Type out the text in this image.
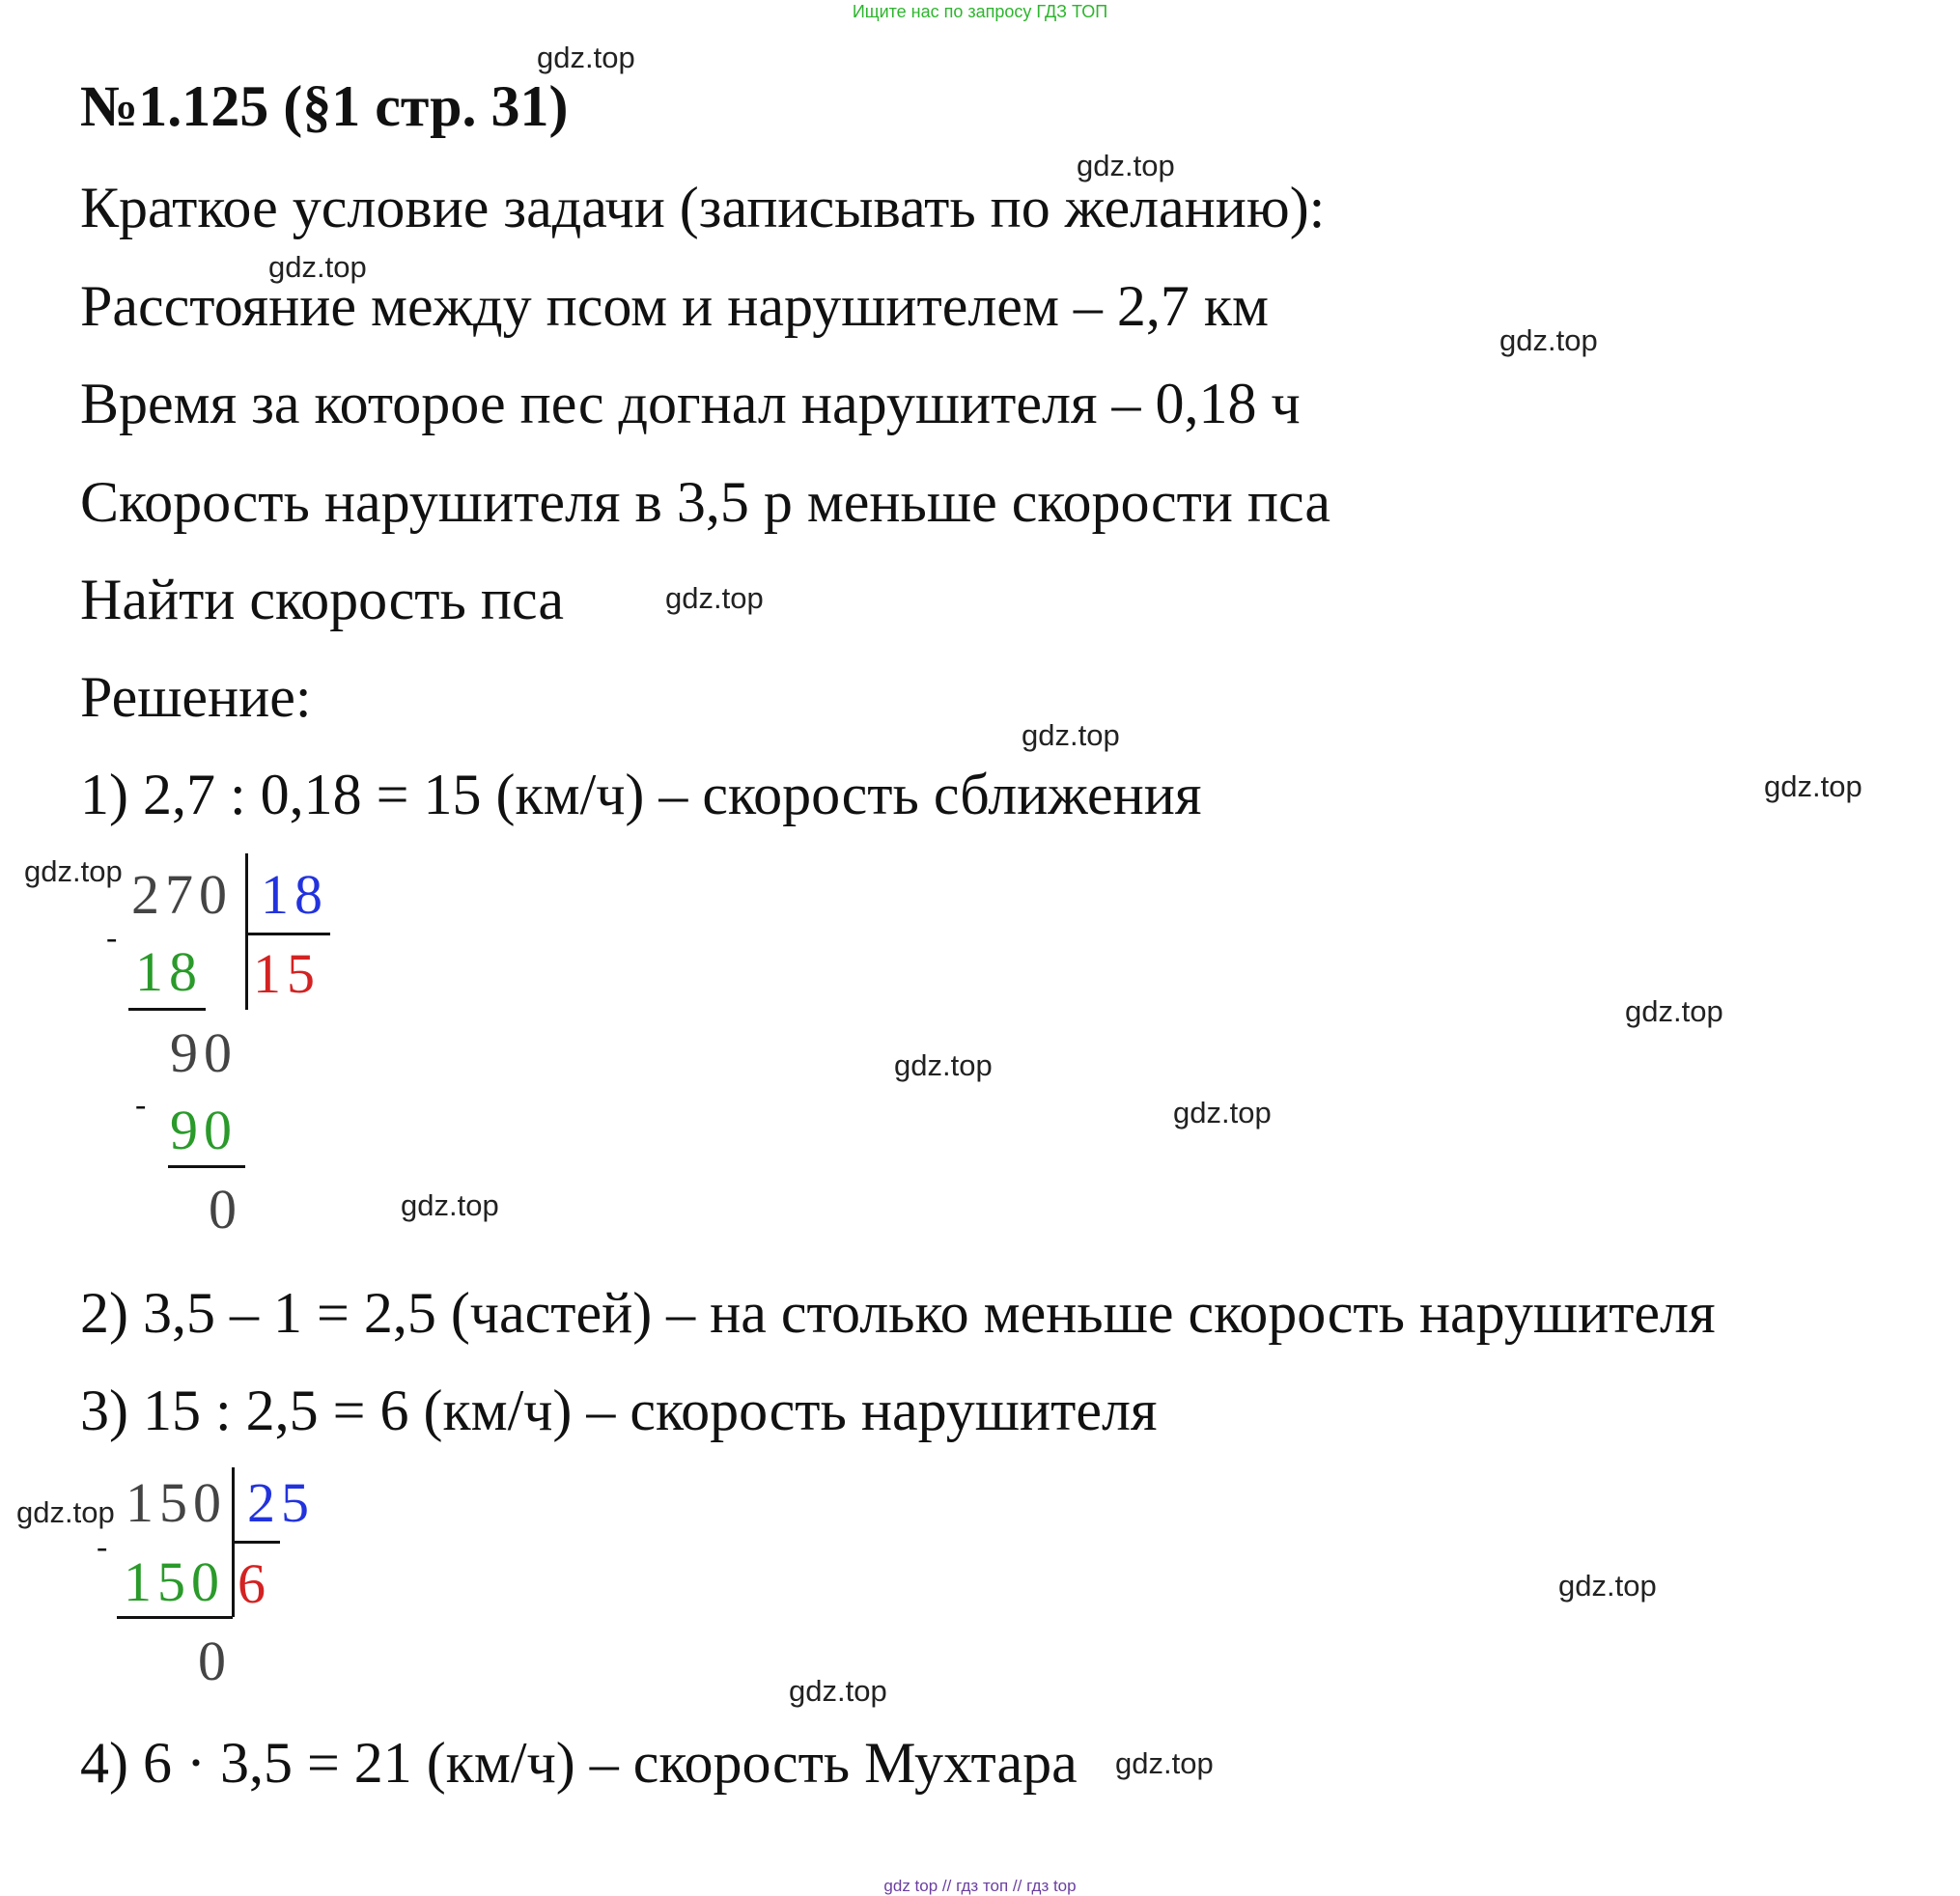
Ищите нас по запросу ГДЗ ТОП
№1.125 (§1 стр. 31)
Краткое условие задачи (записывать по желанию):
Расстояние между псом и нарушителем – 2,7 км
Время за которое пес догнал нарушителя – 0,18 ч
Скорость нарушителя в 3,5 р меньше скорости пса
Найти скорость пса
Решение:
1) 2,7 : 0,18 = 15 (км/ч) – скорость сближения
270 18
-
18 15
90
- 90
0
2) 3,5 – 1 = 2,5 (частей) – на столько меньше скорость нарушителя
3) 15 : 2,5 = 6 (км/ч) – скорость нарушителя
150 25
-
150 6
0
4) 6 · 3,5 = 21 (км/ч) – скорость Мухтара
gdz.top
gdz.top
gdz.top
gdz.top
gdz.top
gdz.top
gdz.top
gdz.top
gdz.top
gdz.top
gdz.top
gdz.top
gdz.top
gdz.top
gdz.top
gdz.top
gdz top // гдз топ // гдз top
